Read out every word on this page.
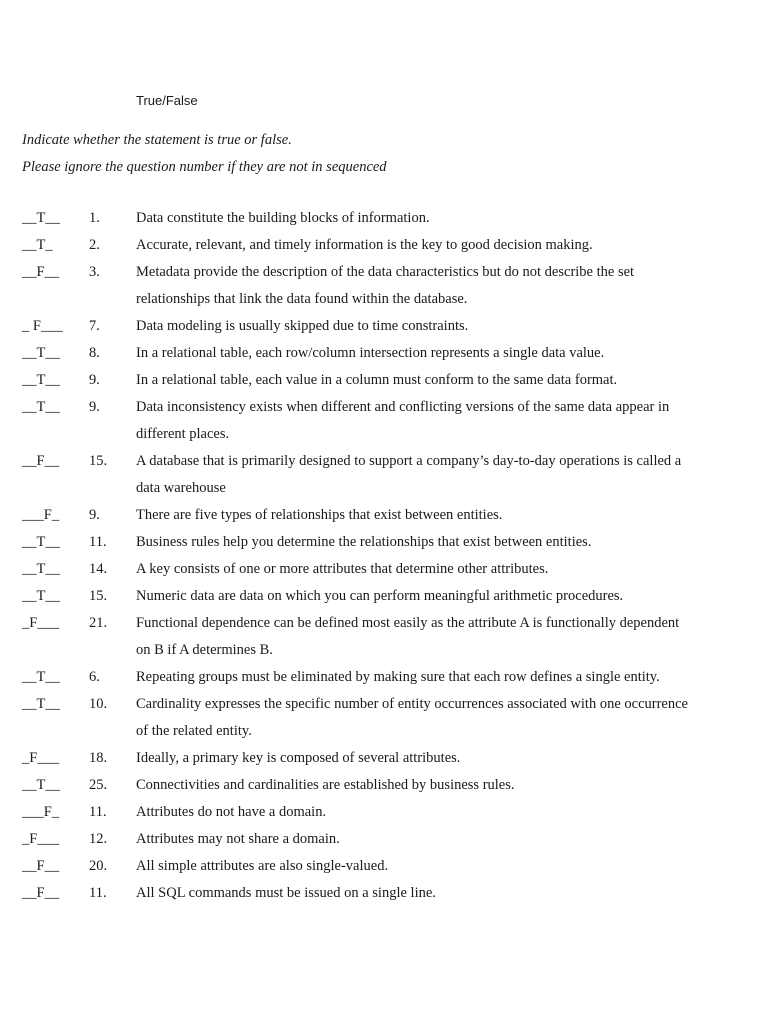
True/False
Indicate whether the statement is true or false.
Please ignore the question number if they are not in sequenced
__T__	1.	Data constitute the building blocks of information.
__T_	2.	Accurate, relevant, and timely information is the key to good decision making.
__F__	3.	Metadata provide the description of the data characteristics but do not describe the set relationships that link the data found within the database.
_ F___	7.	Data modeling is usually skipped due to time constraints.
__T__	8.	In a relational table, each row/column intersection represents a single data value.
__T__	9.	In a relational table, each value in a column must conform to the same data format.
__T__	9.	Data inconsistency exists when different and conflicting versions of the same data appear in different places.
__F__	15.	A database that is primarily designed to support a company’s day-to-day operations is called a data warehouse
___F_	9.	There are five types of relationships that exist between entities.
__T__	11.	Business rules help you determine the relationships that exist between entities.
__T__	14.	A key consists of one or more attributes that determine other attributes.
__T__	15.	Numeric data are data on which you can perform meaningful arithmetic procedures.
_F___	21.	Functional dependence can be defined most easily as the attribute A is functionally dependent on B if A determines B.
__T__	6.	Repeating groups must be eliminated by making sure that each row defines a single entity.
__T__	10.	Cardinality expresses the specific number of entity occurrences associated with one occurrence of the related entity.
_F___	18.	Ideally, a primary key is composed of several attributes.
__T__	25.	Connectivities and cardinalities are established by business rules.
___F_	11.	Attributes do not have a domain.
_F___	12.	Attributes may not share a domain.
__F__	20.	All simple attributes are also single-valued.
__F__	11.	All SQL commands must be issued on a single line.
